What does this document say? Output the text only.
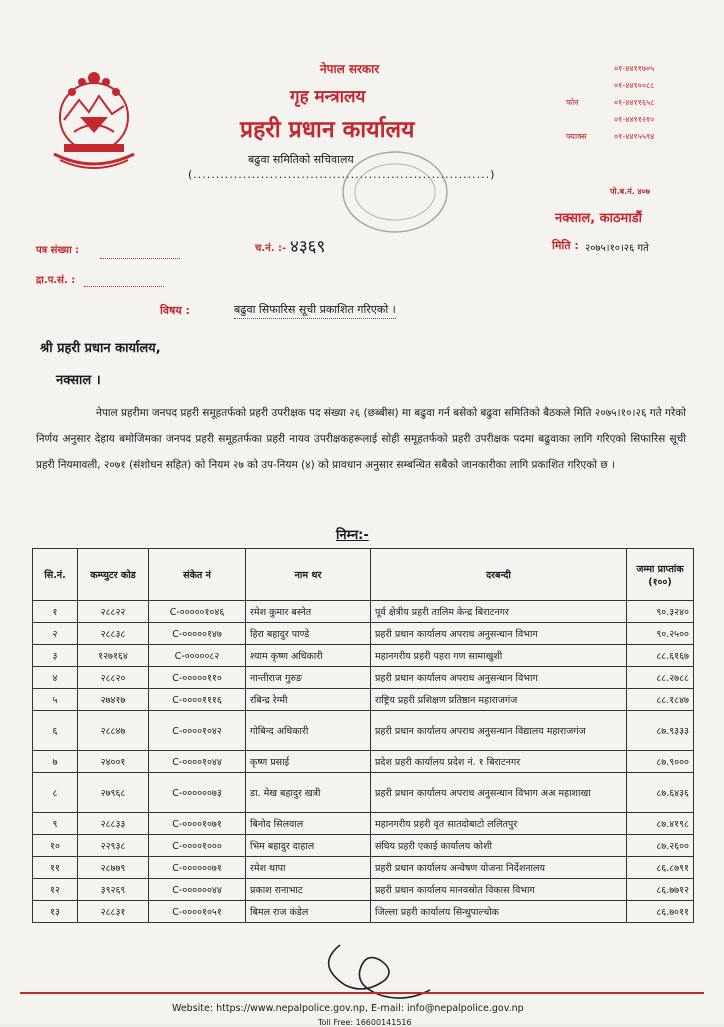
नेपाल सरकार
गृह मन्त्रालय
प्रहरी प्रधान कार्यालय
बढुवा समितिको सचिवालय
(..................................................................)
०१-४४११७०५
०१-४४१००८८
फोन	०१-४४११६५८
०१-४४११२१०
फ्याक्स	०१-४४१५५९४
पो.ब.नं. ४०७
नक्साल, काठमाडौं
पत्र संख्या :	च.नं. :- ४३६९	मिति : २०७५।१०।२६ गते
द्रा.प.सं. :
विषय :	बढुवा सिफारिस सूची प्रकाशित गरिएको ।
श्री प्रहरी प्रधान कार्यालय,
नक्साल ।
नेपाल प्रहरीमा जनपद प्रहरी समूहतर्फको प्रहरी उपरीक्षक पद संख्या २६ (छब्बीस) मा बढुवा गर्न बसेको बढुवा समितिको बैठकले मिति २०७५।१०।२६ गते गरेको निर्णय अनुसार देहाय बमोजिमका जनपद प्रहरी समूहतर्फका प्रहरी नायव उपरीक्षकहरूलाई सोही समूहतर्फको प्रहरी उपरीक्षक पदमा बढुवाका लागि गरिएको सिफारिस सूची प्रहरी नियमावली, २०७१ (संशोधन सहित) को नियम २७ को उप-नियम (४) को प्रावधान अनुसार सम्बन्धित सबैको जानकारीका लागि प्रकाशित गरिएको छ ।
निम्न:-
सि.नं.	कम्प्युटर कोड	संकेत नं	नाम थर	दरबन्दी	जम्मा प्राप्तांक (१००)
१	२८८२२	C-०००००१०४६	रमेश कुमार बस्नेत	पूर्व क्षेत्रीय प्रहरी तालिम केन्द्र बिराटनगर	९०.३२४०
२	२८८३८	C-०००००१४७	हिरा बहादुर पाण्डे	प्रहरी प्रधान कार्यालय अपराध अनुसन्धान विभाग	९०.२५००
३	१२७१६४	C-०००००८२	श्याम कृष्ण अधिकारी	महानगरीय प्रहरी पहरा गण सामाखुशी	८८.६१६७
४	२८८२०	C-०००००११०	नान्तीराज गुरुङ	प्रहरी प्रधान कार्यालय अपराध अनुसन्धान विभाग	८८.२७८८
५	२७४१७	C-००००१११६	रबिन्द्र रेग्मी	राष्ट्रिय प्रहरी प्रशिक्षण प्रतिष्ठान महाराजगंज	८८.१८४७
६	२८८४७	C-००००१०४२	गोबिन्द अधिकारी	प्रहरी प्रधान कार्यालय अपराध अनुसन्धान विद्यालय महाराजगंज	८७.९३३३
७	२४००१	C-००००१०४४	कृष्ण प्रसाई	प्रदेश प्रहरी कार्यालय प्रदेश नं. १ बिराटनगर	८७.९०००
८	२७९६८	C-००००००७३	डा. मेख बहादुर खत्री	प्रहरी प्रधान कार्यालय अपराध अनुसन्धान विभाग अअ महाशाखा	८७.६४३६
९	२८८३३	C-००००१०७१	बिनोद सिलवाल	महानगरीय प्रहरी वृत सातदोबाटो ललितपुर	८७.४१९८
१०	२२९३८	C-००००१०००	भिम बहादुर दाहाल	संघिय प्रहरी एकाई कार्यालय कोशी	८७.२६००
११	२८७७९	C-००००००७१	रमेश थापा	प्रहरी प्रधान कार्यालय अन्वेषण योजना निर्देशनालय	८६.८७९१
१२	३९२६९	C-००००००४४	प्रकाश रानाभाट	प्रहरी प्रधान कार्यालय मानवस्रोत विकास विभाग	८६.७७१२
१३	२८८३१	C-००००१०५१	बिमल राज कंडेल	जिल्ला प्रहरी कार्यालय सिन्धुपाल्चोक	८६.७०११
Website: https://www.nepalpolice.gov.np, E-mail: info@nepalpolice.gov.np
Toll Free: 16600141516
